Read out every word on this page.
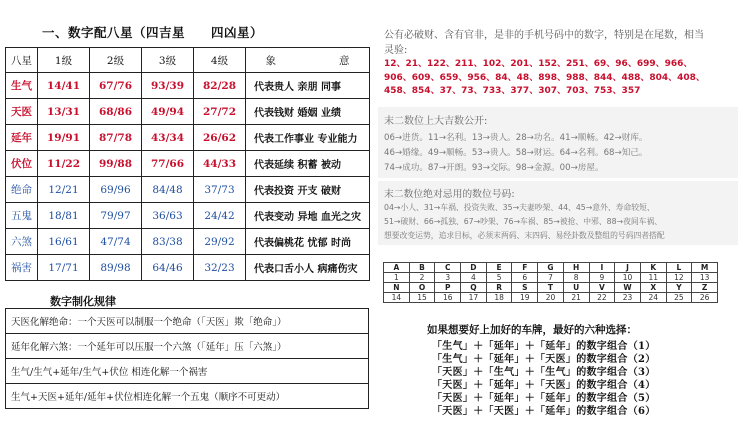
一、数字配八星（四吉星　　四凶星）
八星	1级	2级	3级	4级	象　　意
生气	14/41	67/76	93/39	82/28	代表贵人 亲朋 同事
天医	13/31	68/86	49/94	27/72	代表钱财 婚姻 业绩
延年	19/91	87/78	43/34	26/62	代表工作事业 专业能力
伏位	11/22	99/88	77/66	44/33	代表延续 积蓄 被动
绝命	12/21	69/96	84/48	37/73	代表投资 开支 破财
五鬼	18/81	79/97	36/63	24/42	代表变动 异地 血光之灾
六煞	16/61	47/74	83/38	29/92	代表偏桃花 忧郁 时尚
祸害	17/71	89/98	64/46	32/23	代表口舌小人 病痛伤灾
数字制化规律
天医化解绝命：一个天医可以制服一个绝命（「天医」欺「绝命」）
延年化解六煞：一个延年可以压服一个六煞（「延年」压「六煞」）
生气/生气+延年/生气+伏位 相连化解一个祸害
生气+天医+延年/延年+伏位相连化解一个五鬼（顺序不可更动）
公有必破财、含有官非，是非的手机号码中的数字，特别是在尾数，相当灵验:
12、21、122、211、102、201、152、251、69、96、699、966、906、609、659、956、84、48、898、988、844、488、804、408、458、854、37、73、733、377、307、703、753、357
末二数位上大吉数公开:
06→进货。11→名利。13→贵人。28→功名。41→顺畅。42→财库。
46→婚缘。49→顺畅。53→贵人。58→财运。64→名利。68→知己。
74→成功。87→开朗。93→交际。98→金源。00→房屋。
末二数位绝对忌用的数位号码:
04→小人、31→车祸、投资失败、35→夫妻吵架、44、45→意外、寿命较短、
51→破财、66→孤独、67→吵架、76→车祸、85→被抢、中邪、88→夜间车祸、
想要改变运势，追求目标，必须末两码、末四码、易经卦数及整组的号码四者搭配
A	B	C	D	E	F	G	H	I	J	K	L	M
1	2	3	4	5	6	7	8	9	10	11	12	13
N	O	P	Q	R	S	T	U	V	W	X	Y	Z
14	15	16	17	18	19	20	21	22	23	24	25	26
如果想要好上加好的车牌，最好的六种选择：
「生气」＋「延年」＋「延年」的数字组合（1）
「生气」＋「延年」＋「天医」的数字组合（2）
「天医」＋「生气」＋「生气」的数字组合（3）
「天医」＋「延年」＋「天医」的数字组合（4）
「天医」＋「延年」＋「延年」的数字组合（5）
「天医」＋「天医」＋「延年」的数字组合（6）
